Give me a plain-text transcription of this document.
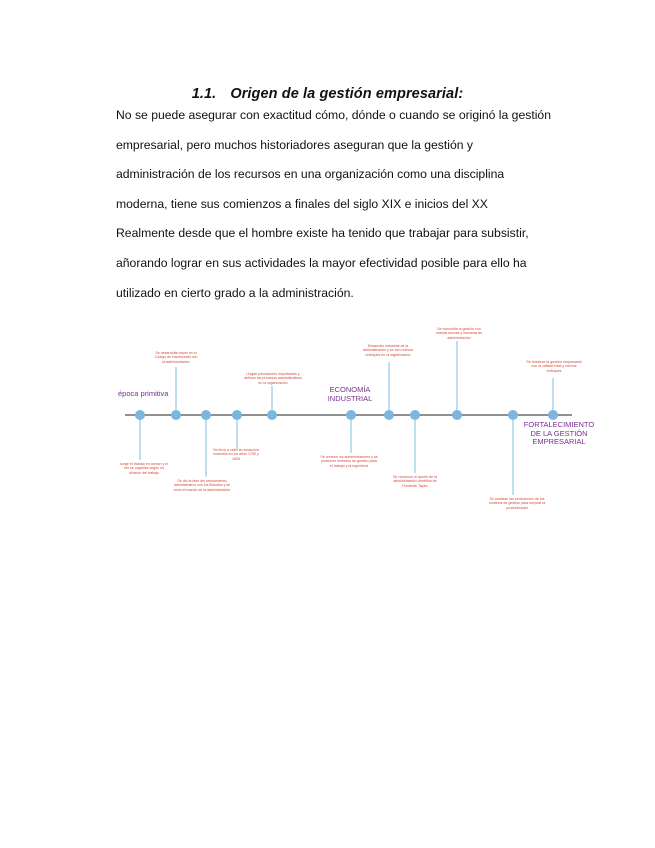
1.1. Origen de la gestión empresarial:
No se puede asegurar con exactitud cómo, dónde o cuando se originó la gestión
empresarial, pero muchos historiadores aseguran que la gestión y
administración de los recursos en una organización como una disciplina
moderna, tiene sus comienzos a finales del siglo XIX e inicios del XX
Realmente desde que el hombre existe ha tenido que trabajar para subsistir,
añorando lograr en sus actividades la mayor efectividad posible para ello ha
utilizado en cierto grado a la administración.
época primitiva	ECONOMÍA INDUSTRIAL
FORTALECIMIENTO DE LA GESTIÓN EMPRESARIAL
surge el trabajo en común y el ser se organiza según su división del trabajo
Se desarrollan leyes en el Código de Hammurabi con la administración
Se dio la fase del pensamiento administrativo con los filósofos y se tomó el mando de la administración
Se llevó a cabo la revolución industrial en los años 1750 y 1830
Llegan pensadores importantes y definen los procesos administrativos en la organización
Se crearon los administradores y se producen métodos de gestión para el trabajo y la ingeniería
Desarrollo industrial de la administración y se ven nuevos enfoques en la organización
Se reconoce el aporte de la administración científica de Frederick Taylor
Se consolida la gestión con nuevas teorías y escuelas de administración
Se analizan las evoluciones de los modelos de gestión para mejorar la productividad
Se fortalece la gestión empresarial con la calidad total y nuevos enfoques
